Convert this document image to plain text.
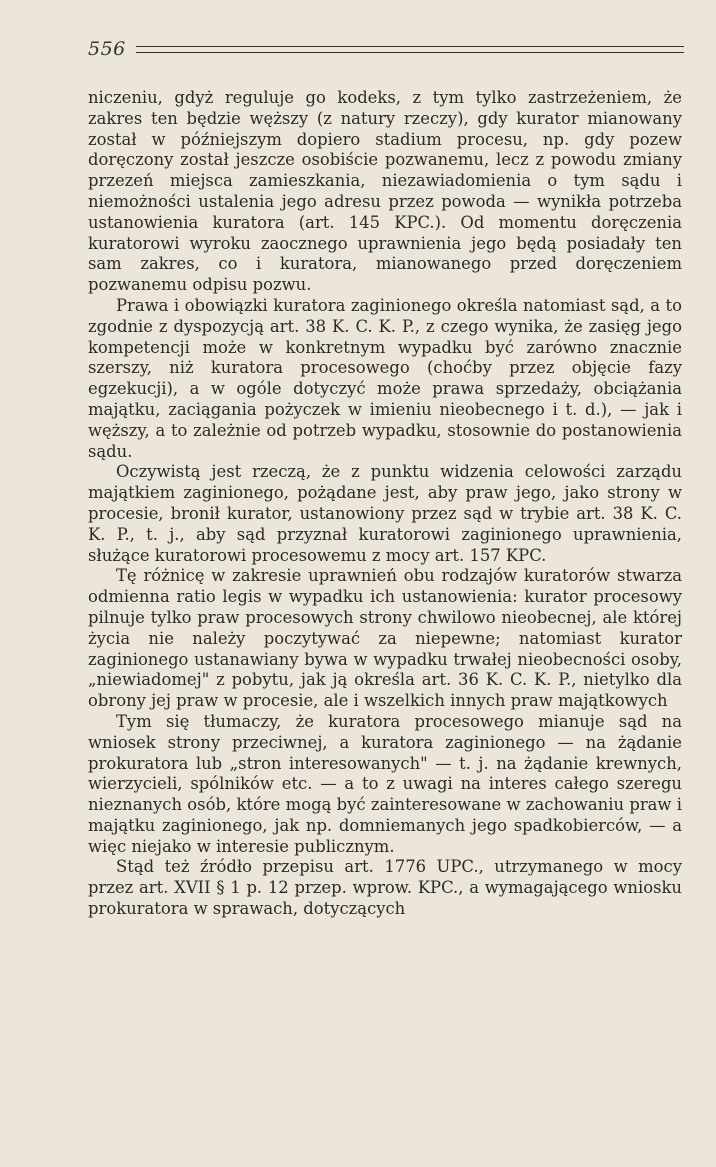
556

niczeniu, gdyż reguluje go kodeks, z tym tylko zastrzeżeniem, że zakres ten będzie węższy (z natury rzeczy), gdy kurator mianowany został w późniejszym dopiero stadium procesu, np. gdy pozew doręczony został jeszcze osobiście pozwanemu, lecz z powodu zmiany przezeń miejsca zamieszkania, niezawiadomienia o tym sądu i niemożności ustalenia jego adresu przez powoda — wynikła potrzeba ustanowienia kuratora (art. 145 KPC.). Od momentu doręczenia kuratorowi wyroku zaocznego uprawnienia jego będą posiadały ten sam zakres, co i kuratora, mianowanego przed doręczeniem pozwanemu odpisu pozwu.

Prawa i obowiązki kuratora zaginionego określa natomiast sąd, a to zgodnie z dyspozycją art. 38 K. C. K. P., z czego wynika, że zasięg jego kompetencji może w konkretnym wypadku być zarówno znacznie szerszy, niż kuratora procesowego (choćby przez objęcie fazy egzekucji), a w ogóle dotyczyć może prawa sprzedaży, obciążania majątku, zaciągania pożyczek w imieniu nieobecnego i t. d.), — jak i węższy, a to zależnie od potrzeb wypadku, stosownie do postanowienia sądu.

Oczywistą jest rzeczą, że z punktu widzenia celowości zarządu majątkiem zaginionego, pożądane jest, aby praw jego, jako strony w procesie, bronił kurator, ustanowiony przez sąd w trybie art. 38 K. C. K. P., t. j., aby sąd przyznał kuratorowi zaginionego uprawnienia, służące kuratorowi procesowemu z mocy art. 157 KPC.

Tę różnicę w zakresie uprawnień obu rodzajów kuratorów stwarza odmienna ratio legis w wypadku ich ustanowienia: kurator procesowy pilnuje tylko praw procesowych strony chwilowo nieobecnej, ale której życia nie należy poczytywać za niepewne; natomiast kurator zaginionego ustanawiany bywa w wypadku trwałej nieobecności osoby, „niewiadomej" z pobytu, jak ją określa art. 36 K. C. K. P., nietylko dla obrony jej praw w procesie, ale i wszelkich innych praw majątkowych

Tym się tłumaczy, że kuratora procesowego mianuje sąd na wniosek strony przeciwnej, a kuratora zaginionego — na żądanie prokuratora lub „stron interesowanych" — t. j. na żądanie krewnych, wierzycieli, spólników etc. — a to z uwagi na interes całego szeregu nieznanych osób, które mogą być zainteresowane w zachowaniu praw i majątku zaginionego, jak np. domniemanych jego spadkobierców, — a więc niejako w interesie publicznym.

Stąd też źródło przepisu art. 1776 UPC., utrzymanego w mocy przez art. XVII § 1 p. 12 przep. wprow. KPC., a wymagającego wniosku prokuratora w sprawach, dotyczących
